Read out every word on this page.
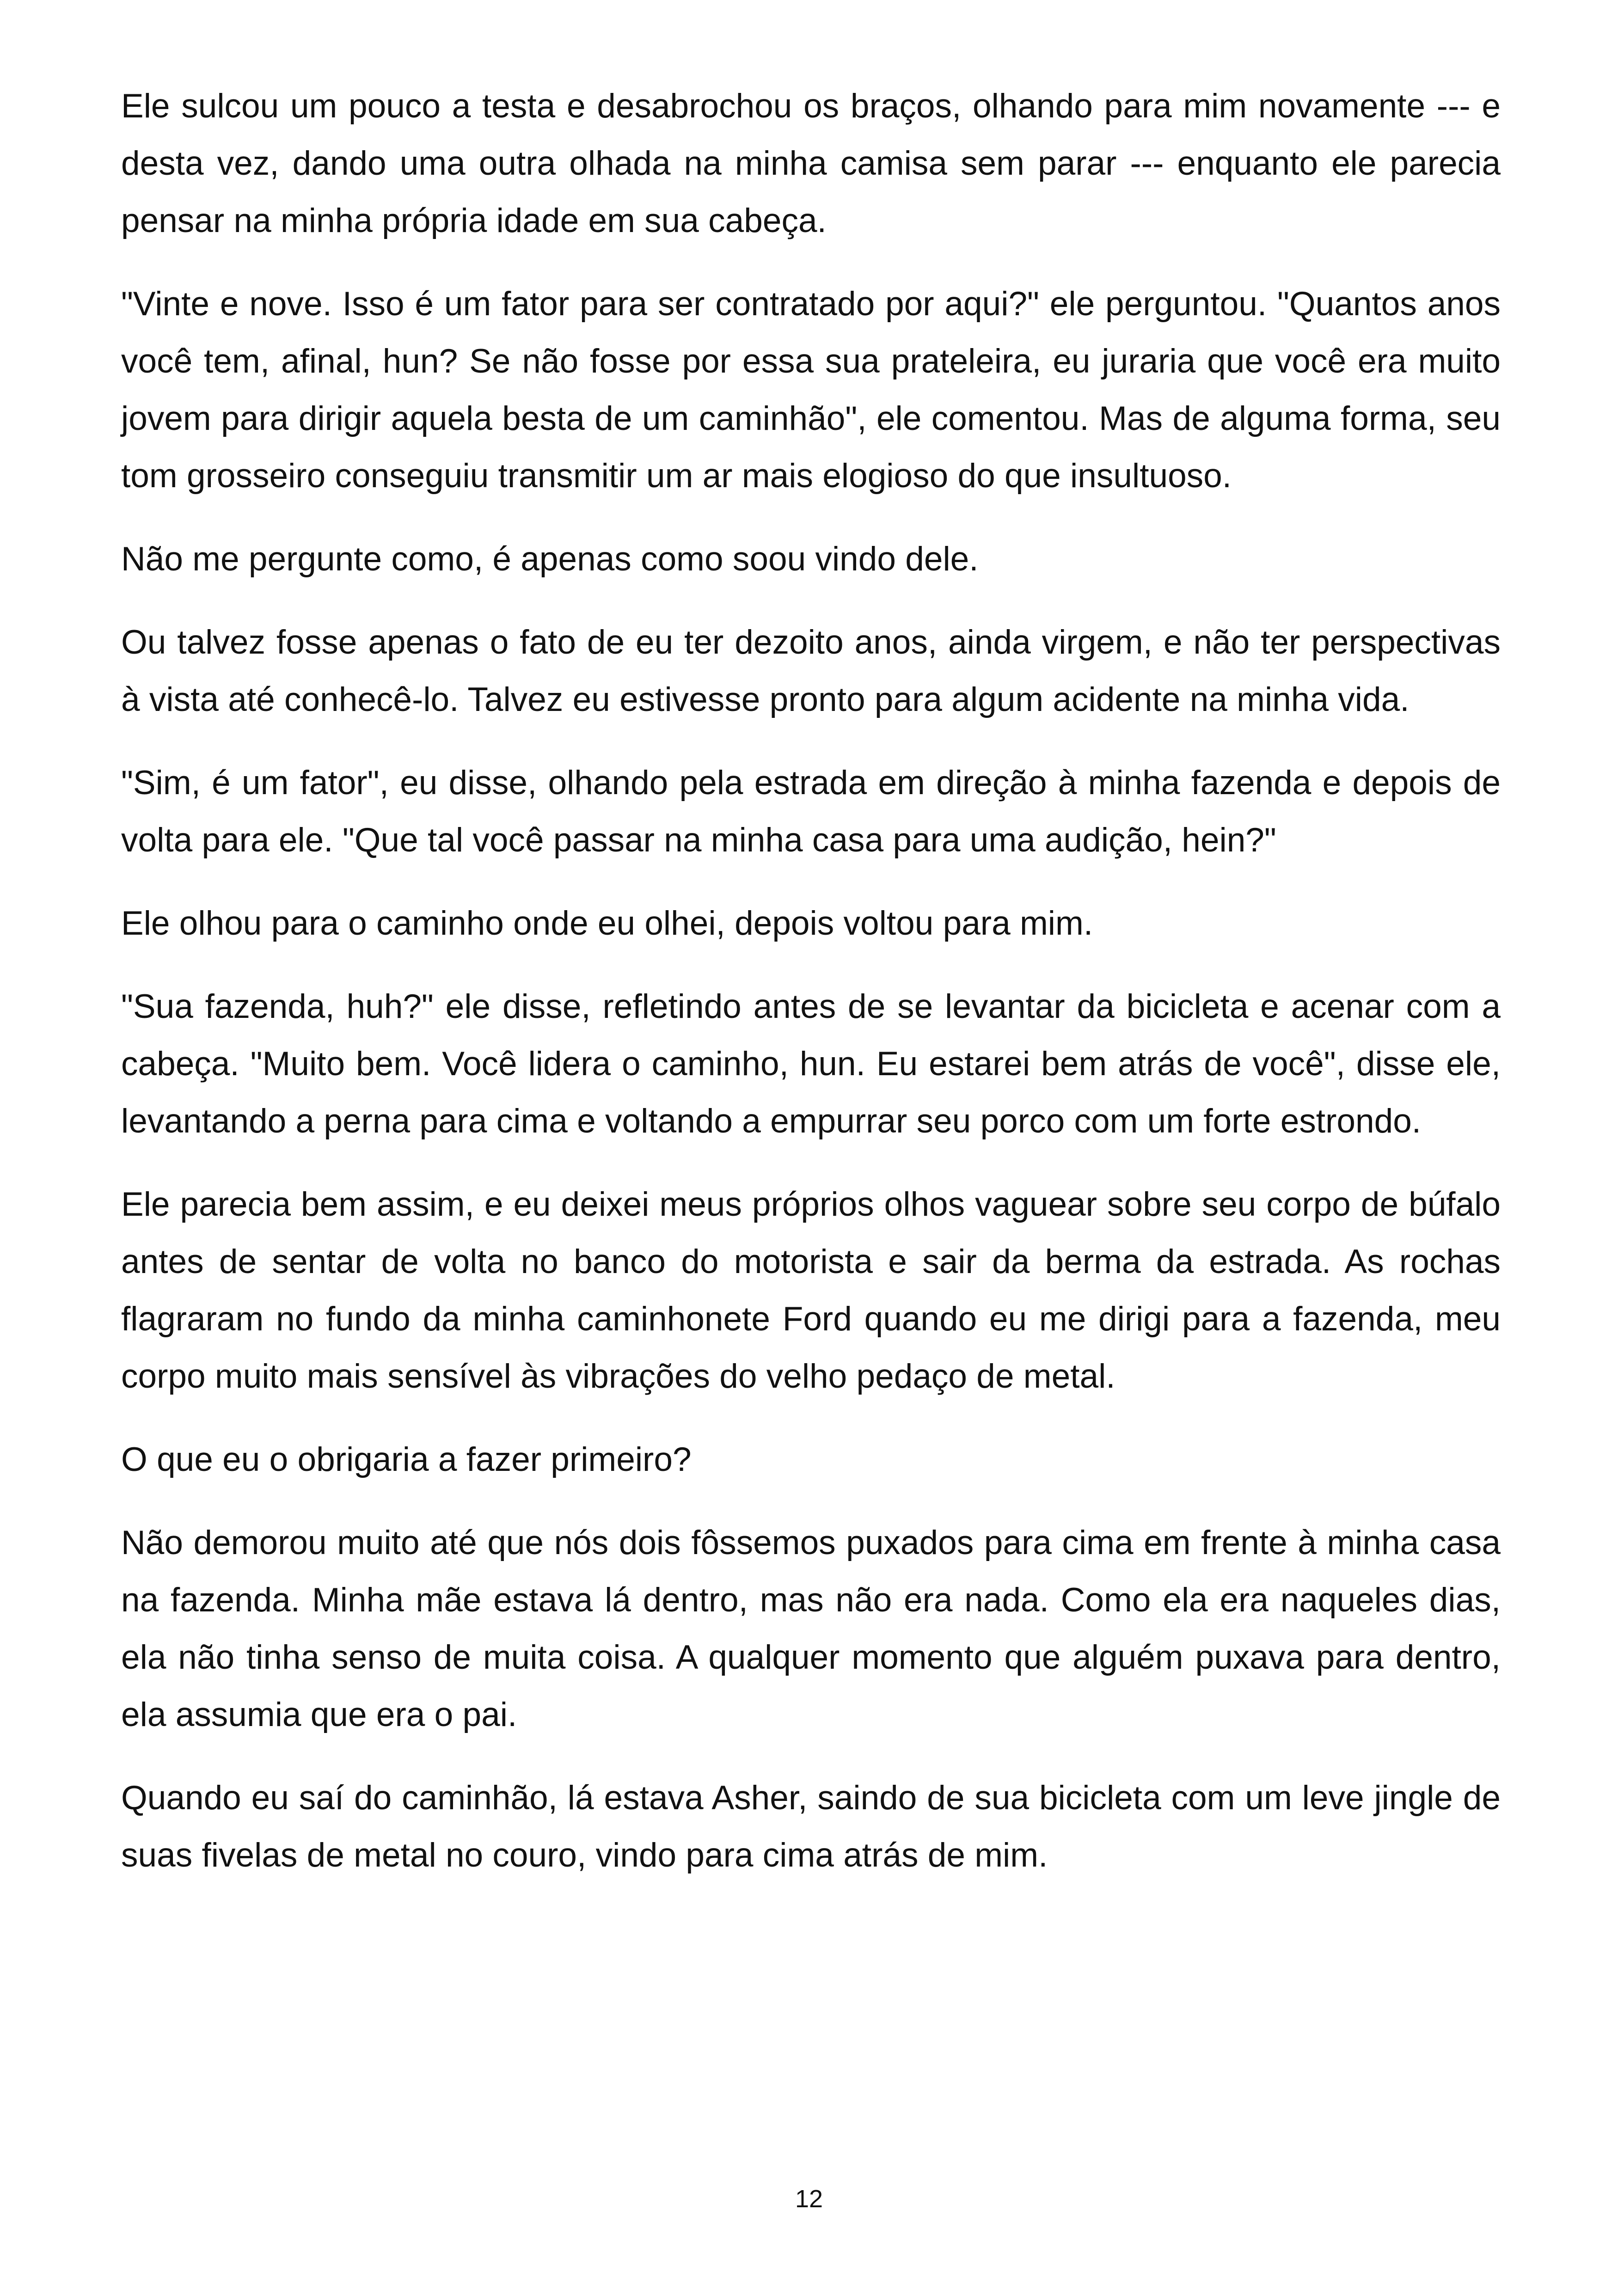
Ele sulcou um pouco a testa e desabrochou os braços, olhando para mim novamente --- e desta vez, dando uma outra olhada na minha camisa sem parar --- enquanto ele parecia pensar na minha própria idade em sua cabeça.

"Vinte e nove. Isso é um fator para ser contratado por aqui?" ele perguntou. "Quantos anos você tem, afinal, hun? Se não fosse por essa sua prateleira, eu juraria que você era muito jovem para dirigir aquela besta de um caminhão", ele comentou. Mas de alguma forma, seu tom grosseiro conseguiu transmitir um ar mais elogioso do que insultuoso.

Não me pergunte como, é apenas como soou vindo dele.

Ou talvez fosse apenas o fato de eu ter dezoito anos, ainda virgem, e não ter perspectivas à vista até conhecê-lo. Talvez eu estivesse pronto para algum acidente na minha vida.

"Sim, é um fator", eu disse, olhando pela estrada em direção à minha fazenda e depois de volta para ele. "Que tal você passar na minha casa para uma audição, hein?"

Ele olhou para o caminho onde eu olhei, depois voltou para mim.

"Sua fazenda, huh?" ele disse, refletindo antes de se levantar da bicicleta e acenar com a cabeça. "Muito bem. Você lidera o caminho, hun. Eu estarei bem atrás de você", disse ele, levantando a perna para cima e voltando a empurrar seu porco com um forte estrondo.

Ele parecia bem assim, e eu deixei meus próprios olhos vaguear sobre seu corpo de búfalo antes de sentar de volta no banco do motorista e sair da berma da estrada. As rochas flagraram no fundo da minha caminhonete Ford quando eu me dirigi para a fazenda, meu corpo muito mais sensível às vibrações do velho pedaço de metal.

O que eu o obrigaria a fazer primeiro?

Não demorou muito até que nós dois fôssemos puxados para cima em frente à minha casa na fazenda. Minha mãe estava lá dentro, mas não era nada. Como ela era naqueles dias, ela não tinha senso de muita coisa. A qualquer momento que alguém puxava para dentro, ela assumia que era o pai.

Quando eu saí do caminhão, lá estava Asher, saindo de sua bicicleta com um leve jingle de suas fivelas de metal no couro, vindo para cima atrás de mim.

12
